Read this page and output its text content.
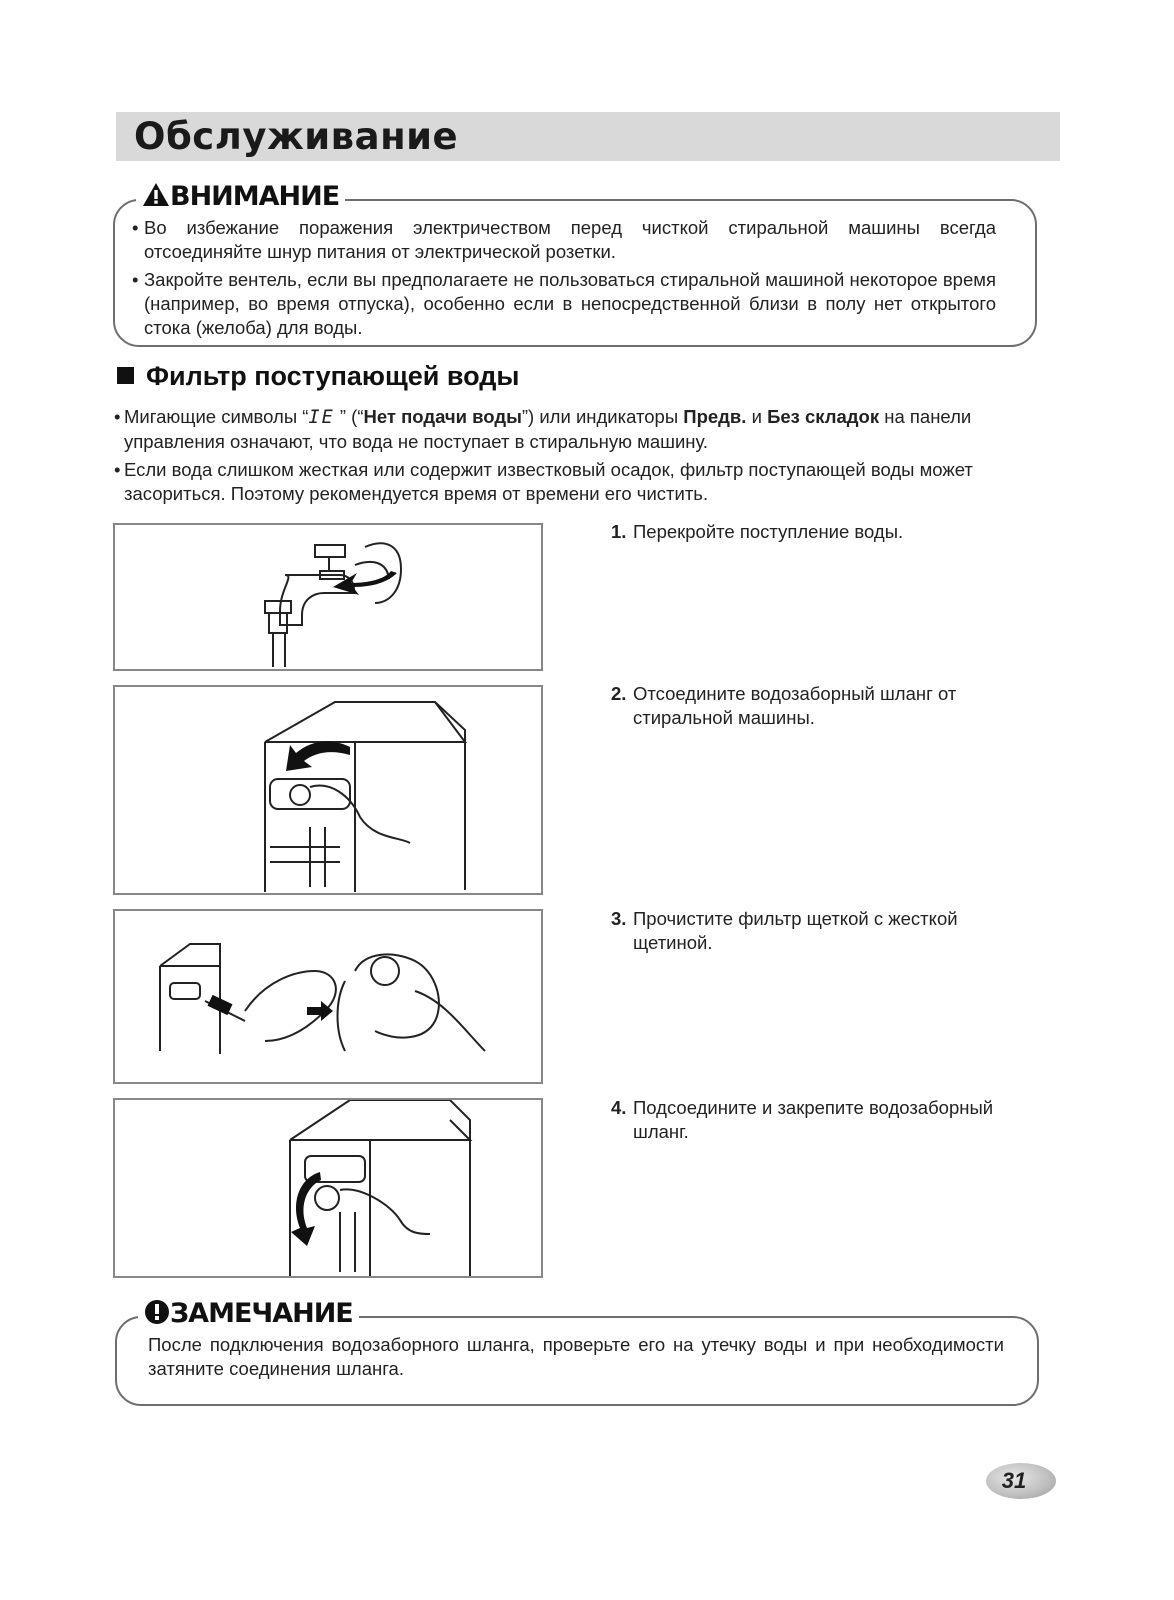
Обслуживание
ВНИМАНИЕ
• Во избежание поражения электричеством перед чисткой стиральной машины всегда отсоединяйте шнур питания от электрической розетки.
• Закройте вентель, если вы предполагаете не пользоваться стиральной машиной некоторое время (например, во время отпуска), особенно если в непосредственной близи в полу нет открытого стока (желоба) для воды.
Фильтр поступающей воды
• Мигающие символы “IE ” (“Нет подачи воды”) или индикаторы Предв. и Без складок на панели управления означают, что вода не поступает в стиральную машину.
• Если вода слишком жесткая или содержит известковый осадок, фильтр поступающей воды может засориться. Поэтому рекомендуется время от времени его чистить.
1. Перекройте поступление воды.
2. Отсоедините водозаборный шланг от стиральной машины.
3. Прочистите фильтр щеткой с жесткой щетиной.
4. Подсоедините и закрепите водозаборный шланг.
ЗАМЕЧАНИЕ
После подключения водозаборного шланга, проверьте его на утечку воды и при необходимости затяните соединения шланга.
31
